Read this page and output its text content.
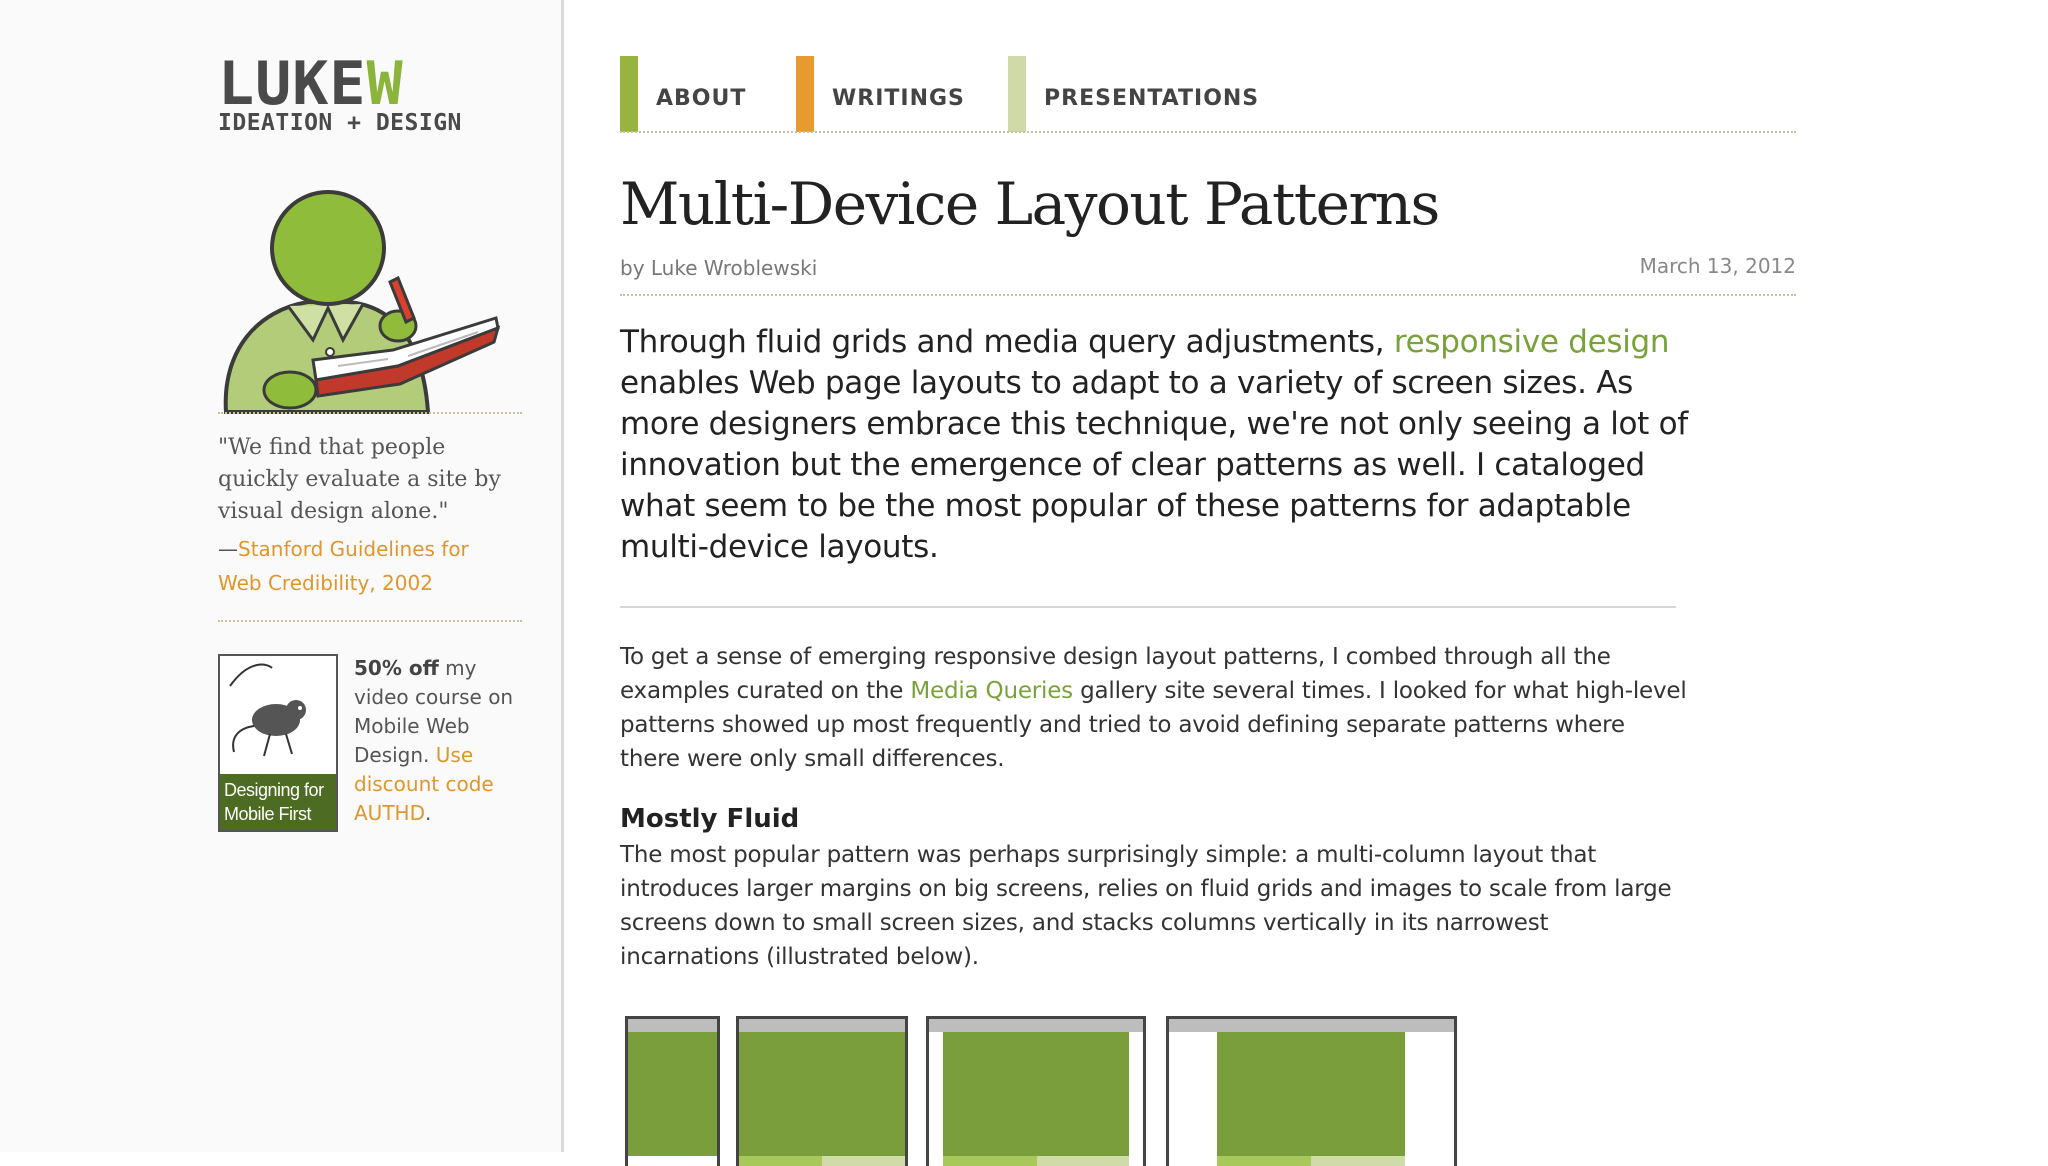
LUKEW
IDEATION + DESIGN
"We find that people quickly evaluate a site by visual design alone."
—Stanford Guidelines for Web Credibility, 2002
Designing for Mobile First
50% off my video course on Mobile Web Design. Use discount code AUTHD.
ABOUT	WRITINGS	PRESENTATIONS
Multi-Device Layout Patterns
by Luke Wroblewski	March 13, 2012
Through fluid grids and media query adjustments, responsive design enables Web page layouts to adapt to a variety of screen sizes. As more designers embrace this technique, we're not only seeing a lot of innovation but the emergence of clear patterns as well. I cataloged what seem to be the most popular of these patterns for adaptable multi-device layouts.
To get a sense of emerging responsive design layout patterns, I combed through all the examples curated on the Media Queries gallery site several times. I looked for what high-level patterns showed up most frequently and tried to avoid defining separate patterns where there were only small differences.
Mostly Fluid
The most popular pattern was perhaps surprisingly simple: a multi-column layout that introduces larger margins on big screens, relies on fluid grids and images to scale from large screens down to small screen sizes, and stacks columns vertically in its narrowest incarnations (illustrated below).
